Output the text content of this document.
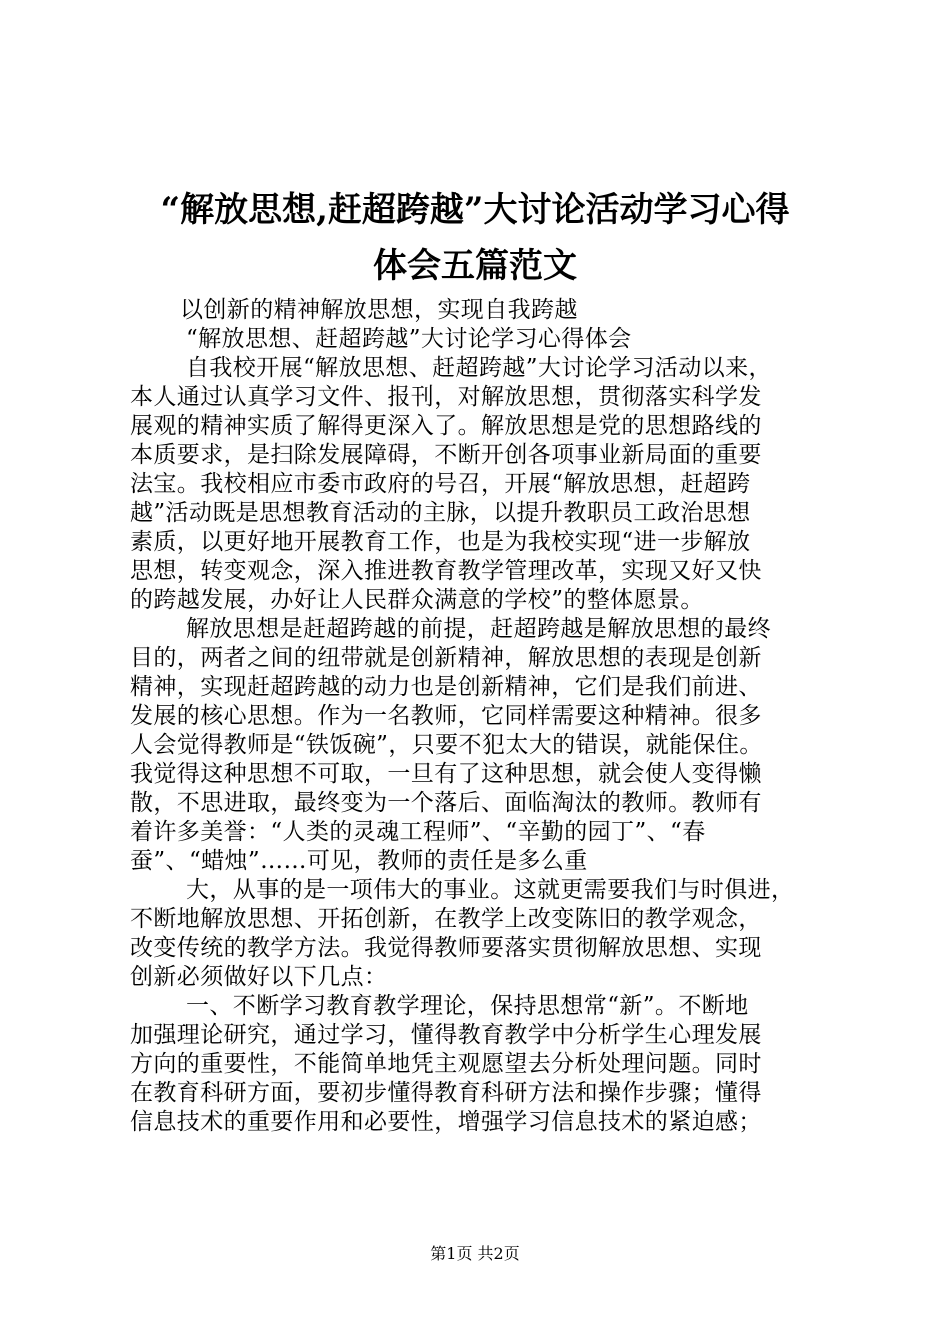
“解放思想,赶超跨越”大讨论活动学习心得
体会五篇范文
以创新的精神解放思想，实现自我跨越
“解放思想、赶超跨越”大讨论学习心得体会
自我校开展“解放思想、赶超跨越”大讨论学习活动以来，
本人通过认真学习文件、报刊，对解放思想，贯彻落实科学发
展观的精神实质了解得更深入了。解放思想是党的思想路线的
本质要求，是扫除发展障碍，不断开创各项事业新局面的重要
法宝。我校相应市委市政府的号召，开展“解放思想，赶超跨
越”活动既是思想教育活动的主脉，以提升教职员工政治思想
素质，以更好地开展教育工作，也是为我校实现“进一步解放
思想，转变观念，深入推进教育教学管理改革，实现又好又快
的跨越发展，办好让人民群众满意的学校”的整体愿景。
解放思想是赶超跨越的前提，赶超跨越是解放思想的最终
目的，两者之间的纽带就是创新精神，解放思想的表现是创新
精神，实现赶超跨越的动力也是创新精神，它们是我们前进、
发展的核心思想。作为一名教师，它同样需要这种精神。很多
人会觉得教师是“铁饭碗”，只要不犯太大的错误，就能保住。
我觉得这种思想不可取，一旦有了这种思想，就会使人变得懒
散，不思进取，最终变为一个落后、面临淘汰的教师。教师有
着许多美誉：“人类的灵魂工程师”、“辛勤的园丁”、“春
蚕”、“蜡烛”……可见，教师的责任是多么重
大，从事的是一项伟大的事业。这就更需要我们与时俱进，
不断地解放思想、开拓创新，在教学上改变陈旧的教学观念，
改变传统的教学方法。我觉得教师要落实贯彻解放思想、实现
创新必须做好以下几点：
一、不断学习教育教学理论，保持思想常“新”。不断地
加强理论研究，通过学习，懂得教育教学中分析学生心理发展
方向的重要性，不能简单地凭主观愿望去分析处理问题。同时
在教育科研方面，要初步懂得教育科研方法和操作步骤；懂得
信息技术的重要作用和必要性，增强学习信息技术的紧迫感；
第1页 共2页
